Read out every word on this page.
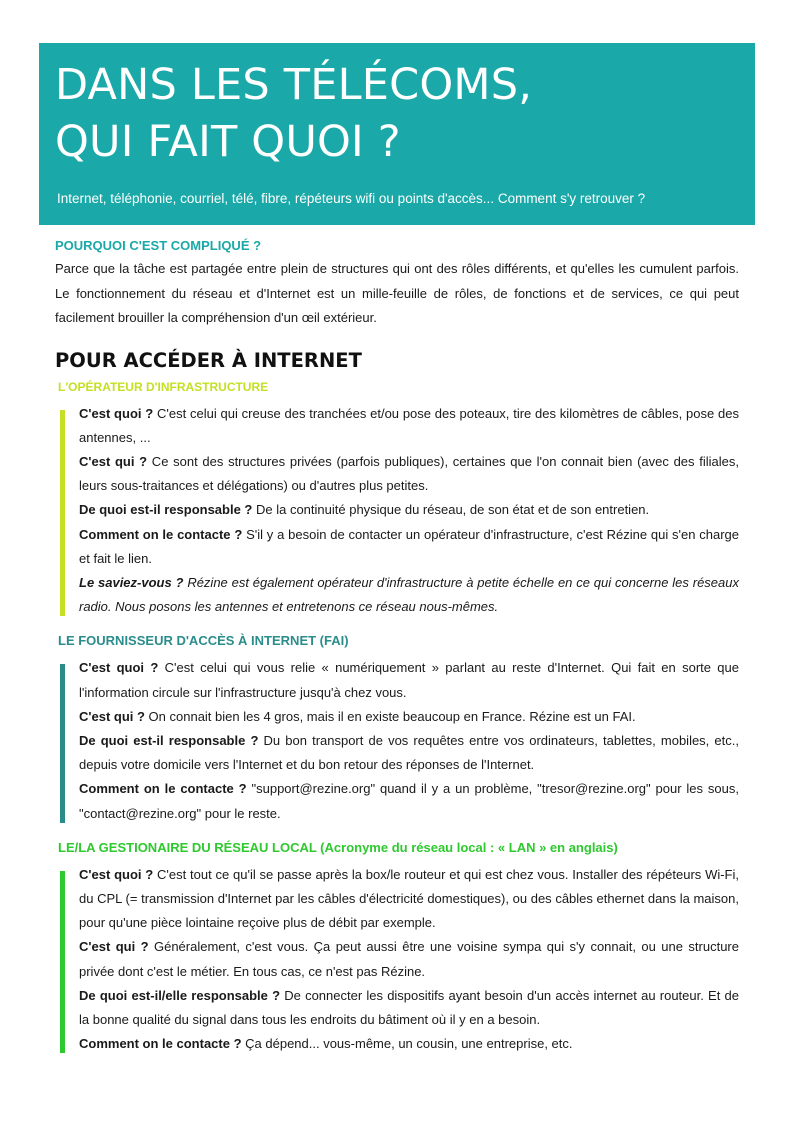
DANS LES TÉLÉCOMS,
QUI FAIT QUOI ?
Internet, téléphonie, courriel, télé, fibre, répéteurs wifi ou points d'accès... Comment s'y retrouver ?
POURQUOI C'EST COMPLIQUÉ ?

Parce que la tâche est partagée entre plein de structures qui ont des rôles différents, et qu'elles les cumulent parfois. Le fonctionnement du réseau et d'Internet est un mille-feuille de rôles, de fonctions et de services, ce qui peut facilement brouiller la compréhension d'un œil extérieur.

POUR ACCÉDER À INTERNET
L'OPÉRATEUR D'INFRASTRUCTURE

C'est quoi ? C'est celui qui creuse des tranchées et/ou pose des poteaux, tire des kilomètres de câbles, pose des antennes, ...

C'est qui ? Ce sont des structures privées (parfois publiques), certaines que l'on connait bien (avec des filiales, leurs sous-traitances et délégations) ou d'autres plus petites.

De quoi est-il responsable ? De la continuité physique du réseau, de son état et de son entretien.

Comment on le contacte ? S'il y a besoin de contacter un opérateur d'infrastructure, c'est Rézine qui s'en charge et fait le lien.

Le saviez-vous ? Rézine est également opérateur d'infrastructure à petite échelle en ce qui concerne les réseaux radio. Nous posons les antennes et entretenons ce réseau nous-mêmes.

LE FOURNISSEUR D'ACCÈS À INTERNET (FAI)

C'est quoi ? C'est celui qui vous relie « numériquement » parlant au reste d'Internet. Qui fait en sorte que l'information circule sur l'infrastructure jusqu'à chez vous.

C'est qui ? On connait bien les 4 gros, mais il en existe beaucoup en France. Rézine est un FAI.

De quoi est-il responsable ? Du bon transport de vos requêtes entre vos ordinateurs, tablettes, mobiles, etc., depuis votre domicile vers l'Internet et du bon retour des réponses de l'Internet.

Comment on le contacte ? "support@rezine.org" quand il y a un problème, "tresor@rezine.org" pour les sous, "contact@rezine.org" pour le reste.

LE/LA GESTIONAIRE DU RÉSEAU LOCAL (Acronyme du réseau local : « LAN » en anglais)

C'est quoi ? C'est tout ce qu'il se passe après la box/le routeur et qui est chez vous. Installer des répéteurs Wi-Fi, du CPL (= transmission d'Internet par les câbles d'électricité domestiques), ou des câbles ethernet dans la maison, pour qu'une pièce lointaine reçoive plus de débit par exemple.

C'est qui ? Généralement, c'est vous. Ça peut aussi être une voisine sympa qui s'y connait, ou une structure privée dont c'est le métier. En tous cas, ce n'est pas Rézine.

De quoi est-il/elle responsable ? De connecter les dispositifs ayant besoin d'un accès internet au routeur. Et de la bonne qualité du signal dans tous les endroits du bâtiment où il y en a besoin.

Comment on le contacte ? Ça dépend... vous-même, un cousin, une entreprise, etc.
